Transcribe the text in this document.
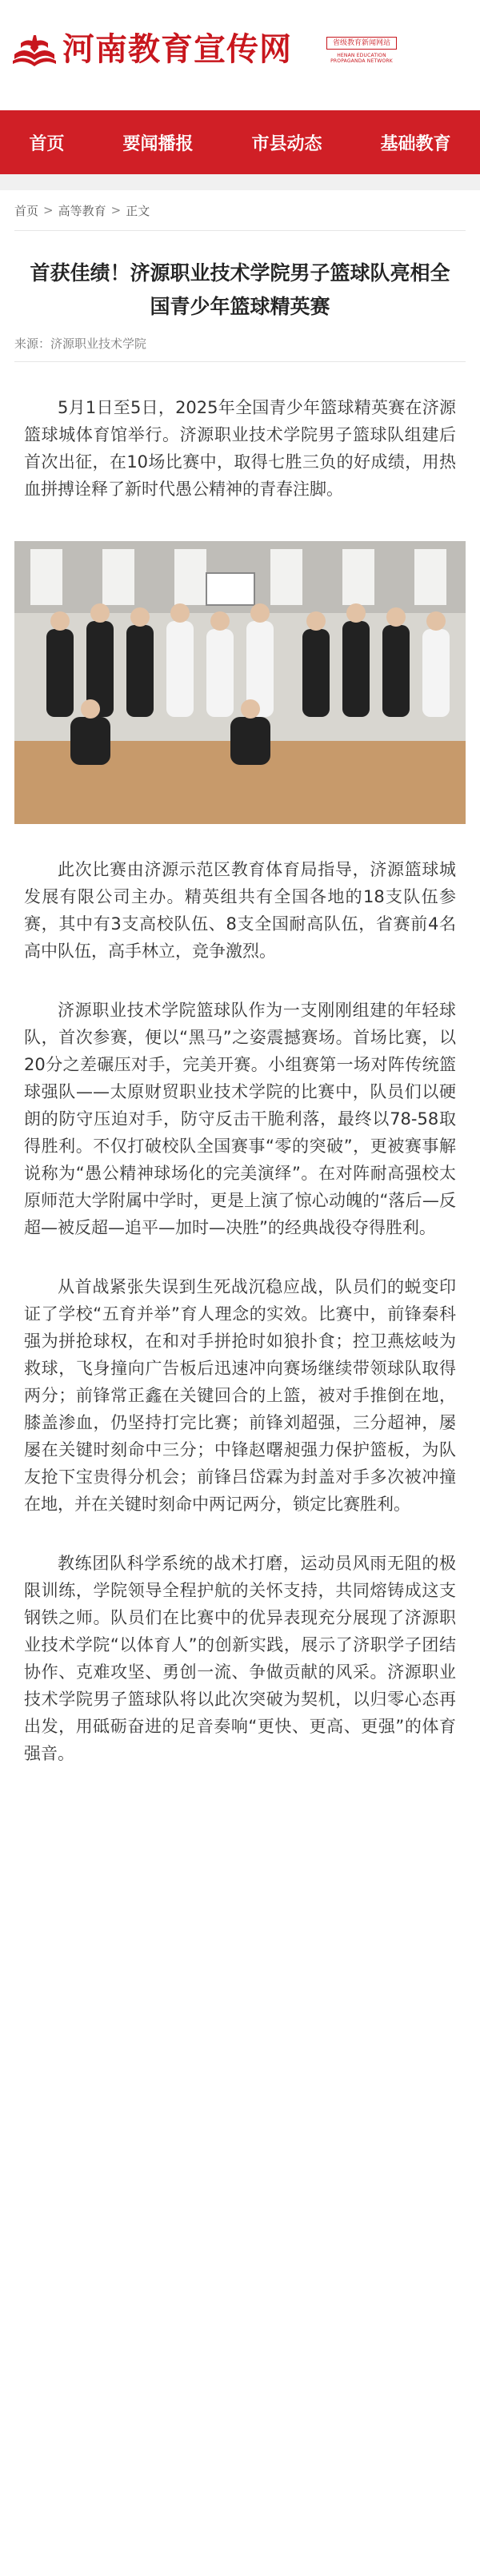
河南教育宣传网	省级教育新闻网站
HENAN EDUCATION PROPAGANDA NETWORK
首页	要闻播报	市县动态	基础教育
首页 > 高等教育 > 正文
首获佳绩！济源职业技术学院男子篮球队亮相全国青少年篮球精英赛
来源：济源职业技术学院

5月1日至5日，2025年全国青少年篮球精英赛在济源篮球城体育馆举行。济源职业技术学院男子篮球队组建后首次出征，在10场比赛中，取得七胜三负的好成绩，用热血拼搏诠释了新时代愚公精神的青春注脚。

此次比赛由济源示范区教育体育局指导，济源篮球城发展有限公司主办。精英组共有全国各地的18支队伍参赛，其中有3支高校队伍、8支全国耐高队伍，省赛前4名高中队伍，高手林立，竞争激烈。

济源职业技术学院篮球队作为一支刚刚组建的年轻球队，首次参赛，便以“黑马”之姿震撼赛场。首场比赛，以20分之差碾压对手，完美开赛。小组赛第一场对阵传统篮球强队——太原财贸职业技术学院的比赛中，队员们以硬朗的防守压迫对手，防守反击干脆利落，最终以78-58取得胜利。不仅打破校队全国赛事“零的突破”，更被赛事解说称为“愚公精神球场化的完美演绎”。在对阵耐高强校太原师范大学附属中学时，更是上演了惊心动魄的“落后—反超—被反超—追平—加时—决胜”的经典战役夺得胜利。

从首战紧张失误到生死战沉稳应战，队员们的蜕变印证了学校“五育并举”育人理念的实效。比赛中，前锋秦科强为拼抢球权，在和对手拼抢时如狼扑食；控卫燕炫岐为救球，飞身撞向广告板后迅速冲向赛场继续带领球队取得两分；前锋常正鑫在关键回合的上篮，被对手推倒在地，膝盖渗血，仍坚持打完比赛；前锋刘超强，三分超神，屡屡在关键时刻命中三分；中锋赵曙昶强力保护篮板，为队友抢下宝贵得分机会；前锋吕岱霖为封盖对手多次被冲撞在地，并在关键时刻命中两记两分，锁定比赛胜利。

教练团队科学系统的战术打磨，运动员风雨无阻的极限训练，学院领导全程护航的关怀支持，共同熔铸成这支钢铁之师。队员们在比赛中的优异表现充分展现了济源职业技术学院“以体育人”的创新实践，展示了济职学子团结协作、克难攻坚、勇创一流、争做贡献的风采。济源职业技术学院男子篮球队将以此次突破为契机，以归零心态再出发，用砥砺奋进的足音奏响“更快、更高、更强”的体育强音。
